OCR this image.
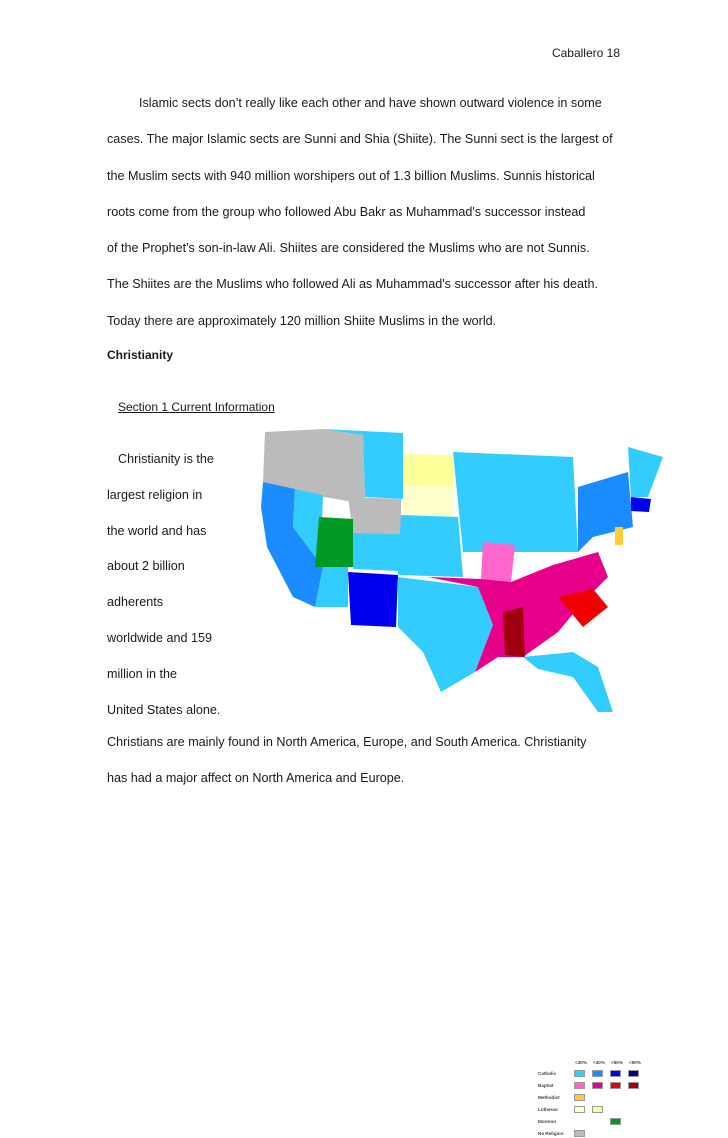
Caballero 18

Islamic sects don’t really like each other and have shown outward violence in some

cases. The major Islamic sects are Sunni and Shia (Shiite). The Sunni sect is the largest of

the Muslim sects with 940 million worshipers out of 1.3 billion Muslims. Sunnis historical

roots come from the group who followed Abu Bakr as Muhammad's successor instead

of the Prophet's son-in-law Ali. Shiites are considered the Muslims who are not Sunnis.

The Shiites are the Muslims who followed Ali as Muhammad's successor after his death.

Today there are approximately 120 million Shiite Muslims in the world.

Christianity
Section 1 Current Information

Christianity is the

largest religion in

the world and has

about 2 billion

adherents

worldwide and 159

million in the

United States alone.

Christians are mainly found in North America, Europe, and South America. Christianity

has had a major affect on North America and Europe.

<30% <40% <50% <50%
Catholic
Baptist
Methodist
Lutheran
Mormon
No Religion
